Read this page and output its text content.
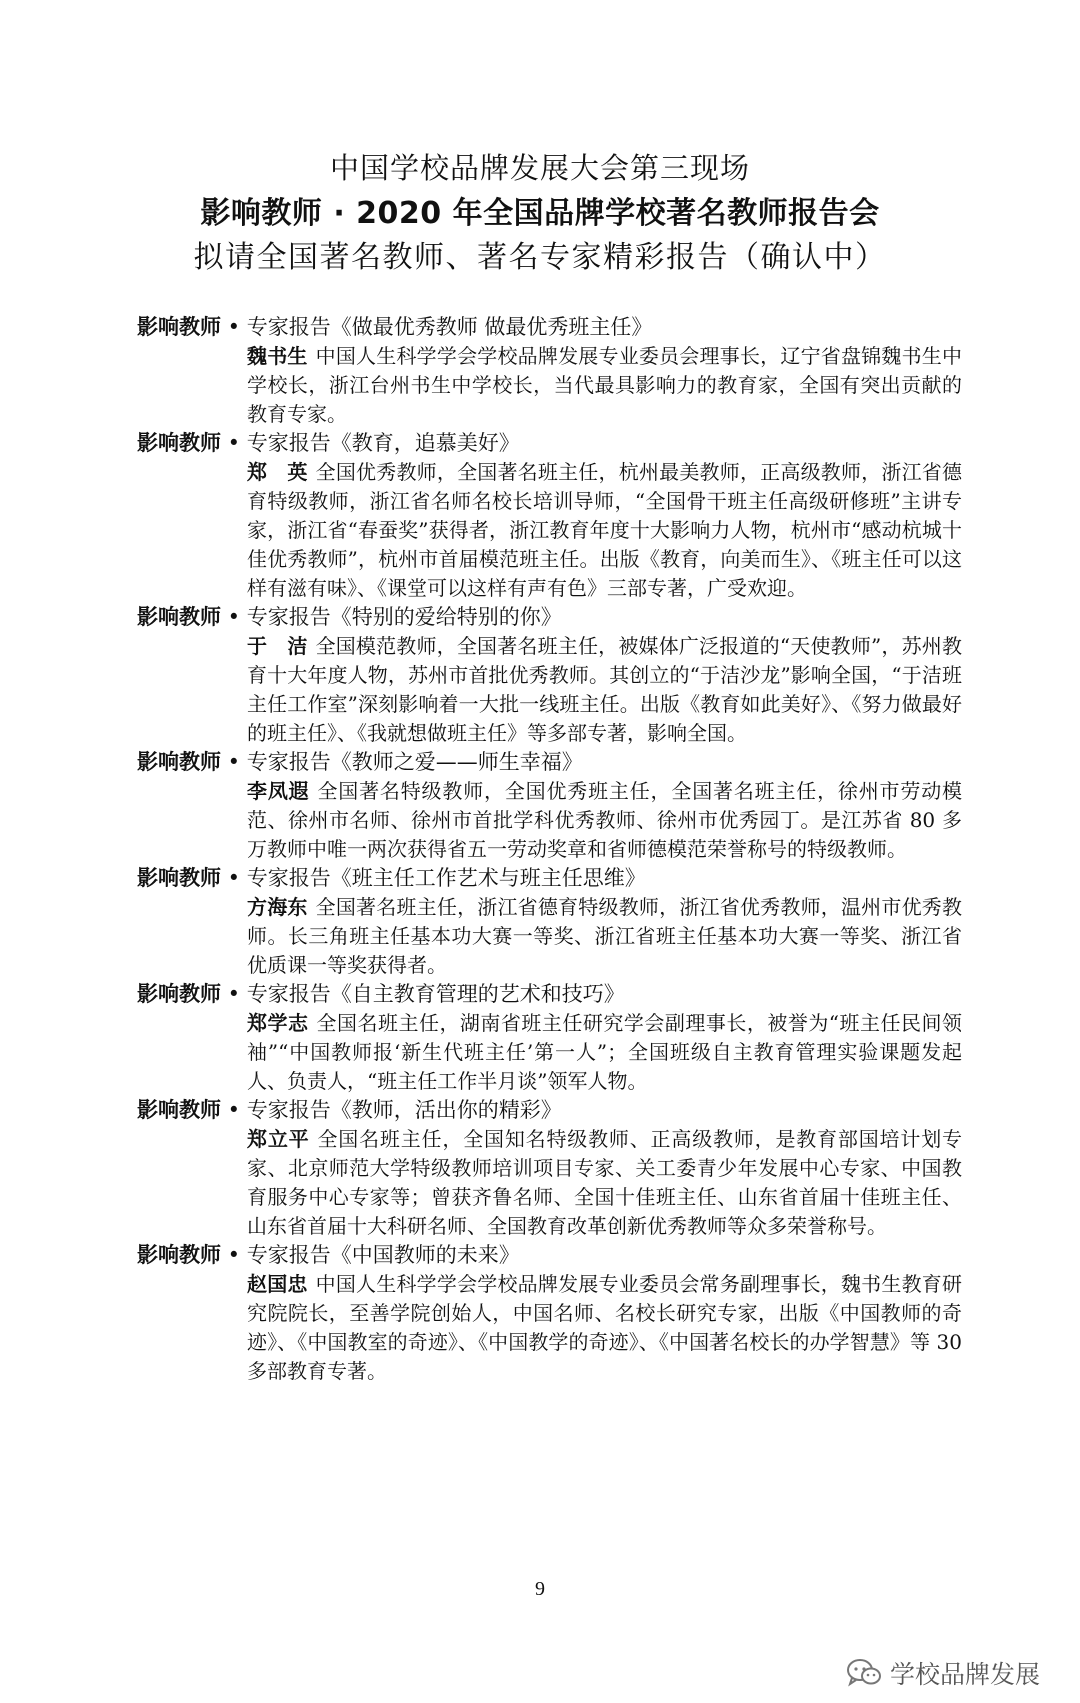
中国学校品牌发展大会第三现场
影响教师 · 2020 年全国品牌学校著名教师报告会
拟请全国著名教师、著名专家精彩报告（确认中）
影响教师 • 专家报告《做最优秀教师 做最优秀班主任》
魏书生 中国人生科学学会学校品牌发展专业委员会理事长，辽宁省盘锦魏书生中学校长，浙江台州书生中学校长，当代最具影响力的教育家，全国有突出贡献的教育专家。
影响教师 • 专家报告《教育，追慕美好》
郑　英 全国优秀教师，全国著名班主任，杭州最美教师，正高级教师，浙江省德育特级教师，浙江省名师名校长培训导师，“全国骨干班主任高级研修班”主讲专家，浙江省“春蚕奖”获得者，浙江教育年度十大影响力人物，杭州市“感动杭城十佳优秀教师”，杭州市首届模范班主任。出版《教育，向美而生》、《班主任可以这样有滋有味》、《课堂可以这样有声有色》三部专著，广受欢迎。
影响教师 • 专家报告《特别的爱给特别的你》
于　洁 全国模范教师，全国著名班主任，被媒体广泛报道的“天使教师”，苏州教育十大年度人物，苏州市首批优秀教师。其创立的“于洁沙龙”影响全国，“于洁班主任工作室”深刻影响着一大批一线班主任。出版《教育如此美好》、《努力做最好的班主任》、《我就想做班主任》等多部专著，影响全国。
影响教师 • 专家报告《教师之爱——师生幸福》
李凤遐 全国著名特级教师，全国优秀班主任，全国著名班主任，徐州市劳动模范、徐州市名师、徐州市首批学科优秀教师、徐州市优秀园丁。是江苏省 80 多万教师中唯一两次获得省五一劳动奖章和省师德模范荣誉称号的特级教师。
影响教师 • 专家报告《班主任工作艺术与班主任思维》
方海东 全国著名班主任，浙江省德育特级教师，浙江省优秀教师，温州市优秀教师。长三角班主任基本功大赛一等奖、浙江省班主任基本功大赛一等奖、浙江省优质课一等奖获得者。
影响教师 • 专家报告《自主教育管理的艺术和技巧》
郑学志 全国名班主任，湖南省班主任研究学会副理事长，被誉为“班主任民间领袖”“中国教师报‘新生代班主任’第一人”；全国班级自主教育管理实验课题发起人、负责人，“班主任工作半月谈”领军人物。
影响教师 • 专家报告《教师，活出你的精彩》
郑立平 全国名班主任，全国知名特级教师、正高级教师，是教育部国培计划专家、北京师范大学特级教师培训项目专家、关工委青少年发展中心专家、中国教育服务中心专家等；曾获齐鲁名师、全国十佳班主任、山东省首届十佳班主任、山东省首届十大科研名师、全国教育改革创新优秀教师等众多荣誉称号。
影响教师 • 专家报告《中国教师的未来》
赵国忠 中国人生科学学会学校品牌发展专业委员会常务副理事长，魏书生教育研究院院长，至善学院创始人，中国名师、名校长研究专家，出版《中国教师的奇迹》、《中国教室的奇迹》、《中国教学的奇迹》、《中国著名校长的办学智慧》等 30 多部教育专著。
9
学校品牌发展
